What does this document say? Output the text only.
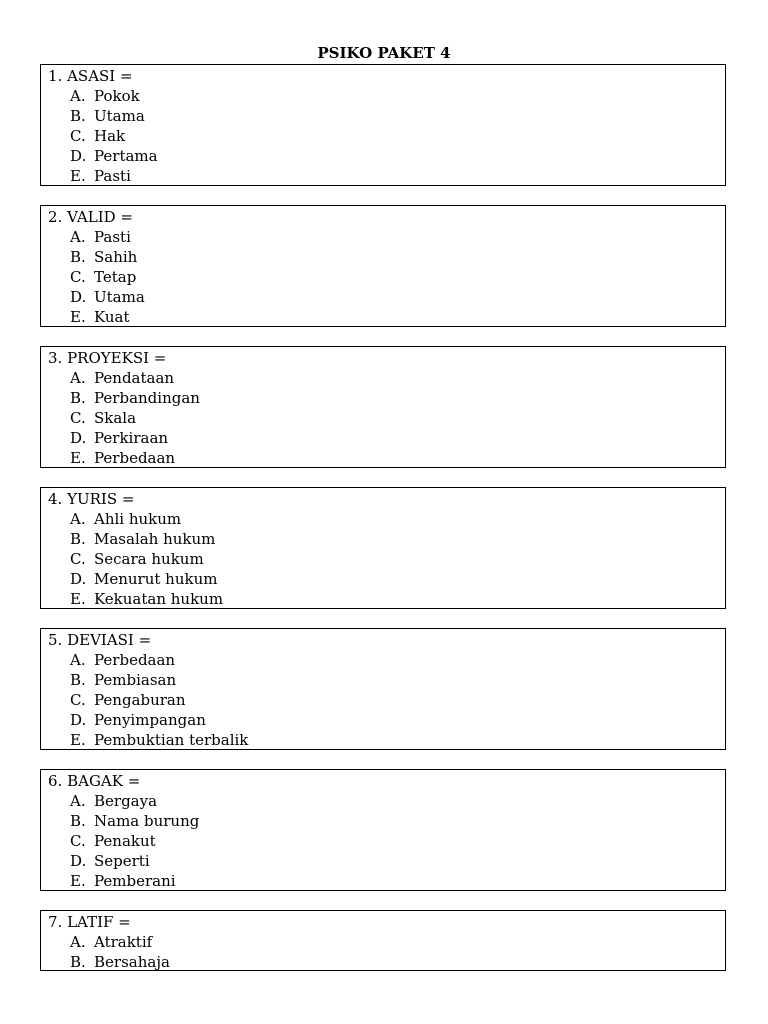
PSIKO PAKET 4
1. ASASI =
A. Pokok
B. Utama
C. Hak
D. Pertama
E. Pasti
2. VALID =
A. Pasti
B. Sahih
C. Tetap
D. Utama
E. Kuat
3. PROYEKSI =
A. Pendataan
B. Perbandingan
C. Skala
D. Perkiraan
E. Perbedaan
4. YURIS =
A. Ahli hukum
B. Masalah hukum
C. Secara hukum
D. Menurut hukum
E. Kekuatan hukum
5. DEVIASI =
A. Perbedaan
B. Pembiasan
C. Pengaburan
D. Penyimpangan
E. Pembuktian terbalik
6. BAGAK =
A. Bergaya
B. Nama burung
C. Penakut
D. Seperti
E. Pemberani
7. LATIF =
A. Atraktif
B. Bersahaja
